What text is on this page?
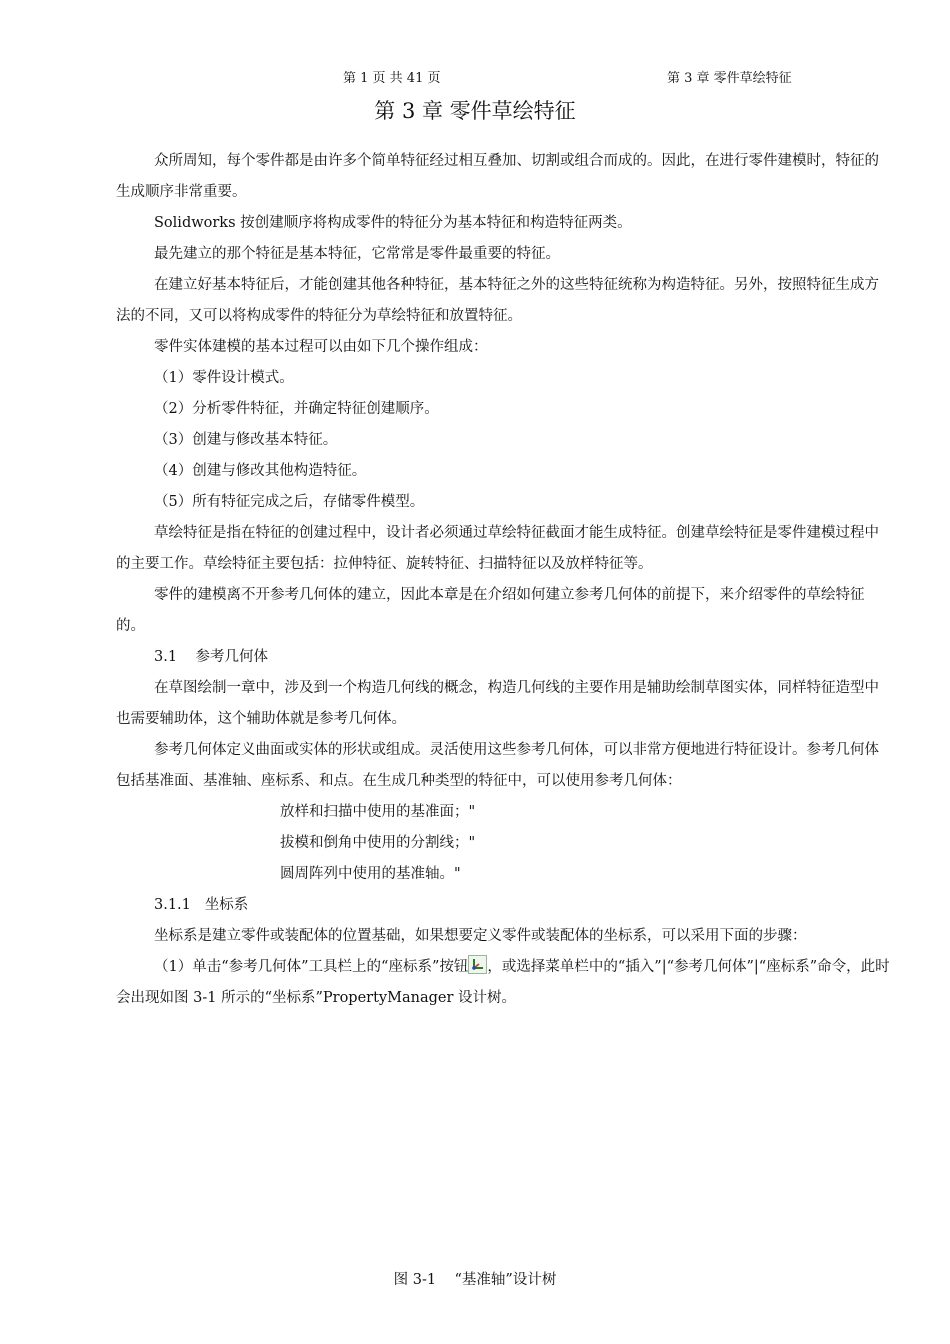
第 1 页 共 41 页	第 3 章 零件草绘特征
第 3 章 零件草绘特征

众所周知，每个零件都是由许多个简单特征经过相互叠加、切割或组合而成的。因此，在进行零件建模时，特征的生成顺序非常重要。

Solidworks 按创建顺序将构成零件的特征分为基本特征和构造特征两类。

最先建立的那个特征是基本特征，它常常是零件最重要的特征。

在建立好基本特征后，才能创建其他各种特征，基本特征之外的这些特征统称为构造特征。另外，按照特征生成方法的不同，又可以将构成零件的特征分为草绘特征和放置特征。

零件实体建模的基本过程可以由如下几个操作组成：

（1）零件设计模式。

（2）分析零件特征，并确定特征创建顺序。

（3）创建与修改基本特征。

（4）创建与修改其他构造特征。

（5）所有特征完成之后，存储零件模型。

草绘特征是指在特征的创建过程中，设计者必须通过草绘特征截面才能生成特征。创建草绘特征是零件建模过程中的主要工作。草绘特征主要包括：拉伸特征、旋转特征、扫描特征以及放样特征等。

零件的建模离不开参考几何体的建立，因此本章是在介绍如何建立参考几何体的前提下，来介绍零件的草绘特征的。

3.1    参考几何体

在草图绘制一章中，涉及到一个构造几何线的概念，构造几何线的主要作用是辅助绘制草图实体，同样特征造型中也需要辅助体，这个辅助体就是参考几何体。

参考几何体定义曲面或实体的形状或组成。灵活使用这些参考几何体，可以非常方便地进行特征设计。参考几何体包括基准面、基准轴、座标系、和点。在生成几种类型的特征中，可以使用参考几何体：

放样和扫描中使用的基准面；"

拔模和倒角中使用的分割线；"

圆周阵列中使用的基准轴。"

3.1.1   坐标系

坐标系是建立零件或装配体的位置基础，如果想要定义零件或装配体的坐标系，可以采用下面的步骤：

（1）单击“参考几何体”工具栏上的“座标系”按钮 ，或选择菜单栏中的“插入”|“参考几何体”|“座标系”命令，此时会出现如图 3-1 所示的“坐标系”PropertyManager 设计树。

图 3-1    “基准轴”设计树
